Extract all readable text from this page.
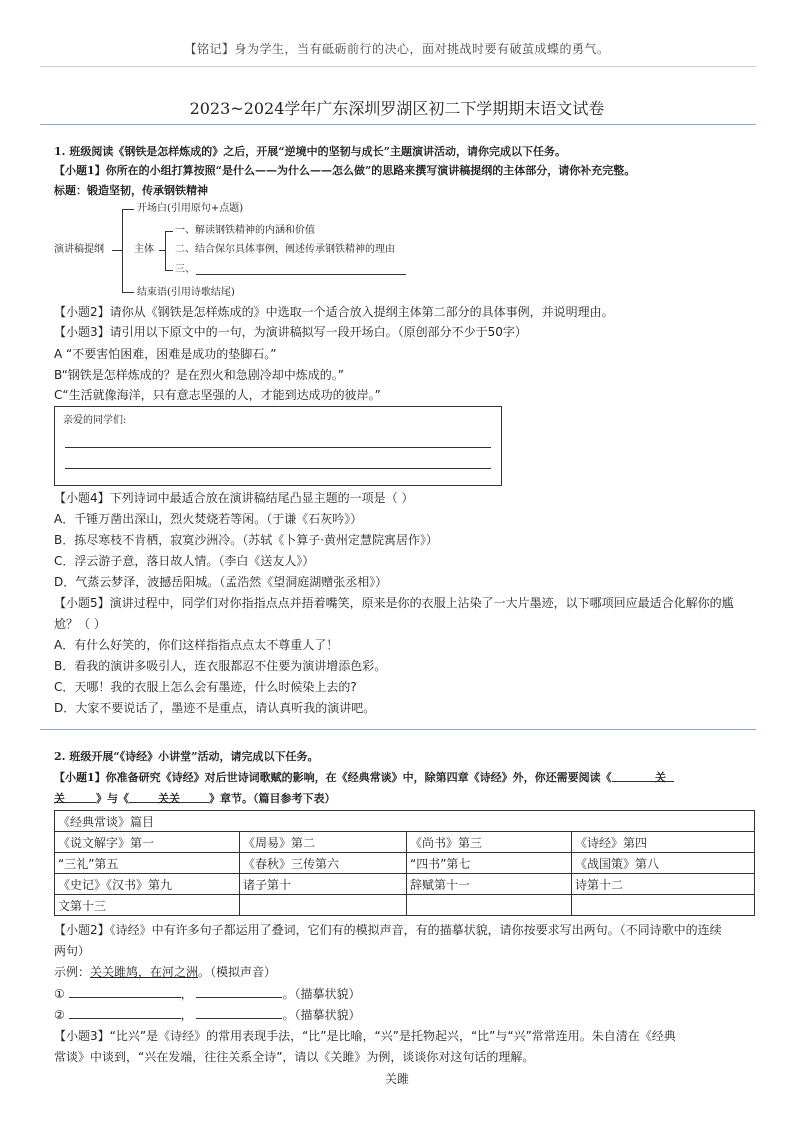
【铭记】身为学生，当有砥砺前行的决心，面对挑战时要有破茧成蝶的勇气。
2023~2024学年广东深圳罗湖区初二下学期期末语文试卷
1. 班级阅读《钢铁是怎样炼成的》之后，开展“逆境中的坚韧与成长”主题演讲活动，请你完成以下任务。
【小题1】你所在的小组打算按照“是什么——为什么——怎么做”的思路来撰写演讲稿提纲的主体部分，请你补充完整。
标题：锻造坚韧，传承钢铁精神
演讲稿提纲
开场白(引用原句+点题)
主体
一、解读钢铁精神的内涵和价值
二、结合保尔具体事例，阐述传承钢铁精神的理由
三、
结束语(引用诗歌结尾)
【小题2】请你从《钢铁是怎样炼成的》中选取一个适合放入提纲主体第二部分的具体事例，并说明理由。
【小题3】请引用以下原文中的一句，为演讲稿拟写一段开场白。（原创部分不少于50字）
A “不要害怕困难，困难是成功的垫脚石。”
B“钢铁是怎样炼成的？是在烈火和急剧冷却中炼成的。”
C“生活就像海洋，只有意志坚强的人，才能到达成功的彼岸。”
亲爱的同学们:
【小题4】下列诗词中最适合放在演讲稿结尾凸显主题的一项是（ ）
A．千锤万凿出深山，烈火焚烧若等闲。（于谦《石灰吟》）
B．拣尽寒枝不肯栖，寂寞沙洲冷。（苏轼《卜算子·黄州定慧院寓居作》）
C．浮云游子意，落日故人情。（李白《送友人》）
D．气蒸云梦泽，波撼岳阳城。（孟浩然《望洞庭湖赠张丞相》）
【小题5】演讲过程中，同学们对你指指点点并捂着嘴笑，原来是你的衣服上沾染了一大片墨迹，以下哪项回应最适合化解你的尴
尬？（ ）
A．有什么好笑的，你们这样指指点点太不尊重人了！
B．看我的演讲多吸引人，连衣服都忍不住要为演讲增添色彩。
C．天哪！我的衣服上怎么会有墨迹，什么时候染上去的?
D．大家不要说话了，墨迹不是重点，请认真听我的演讲吧。
2. 班级开展“《诗经》小讲堂”活动，请完成以下任务。
【小题1】你准备研究《诗经》对后世诗词歌赋的影响，在《经典常谈》中，除第四章《诗经》外，你还需要阅读《	关
关	》与《	关关	》章节。（篇目参考下表）
《经典常谈》篇目			
《说文解字》第一	《周易》第二	《尚书》第三	《诗经》第四
“三礼”第五	《春秋》三传第六	“四书”第七	《战国策》第八
《史记》《汉书》第九	诸子第十	辞赋第十一	诗第十二
文第十三			
【小题2】《诗经》中有许多句子都运用了叠词，它们有的模拟声音，有的描摹状貌，请你按要求写出两句。（不同诗歌中的连续
两句）
示例：关关雎鸠，在河之洲。（模拟声音）
①	，	。（描摹状貌）
②	，	。（描摹状貌）
【小题3】“比兴”是《诗经》的常用表现手法，“比”是比喻，“兴”是托物起兴，“比”与“兴”常常连用。朱自清在《经典
常谈》中谈到，“兴在发端，往往关系全诗”，请以《关雎》为例，谈谈你对这句话的理解。
关雎
